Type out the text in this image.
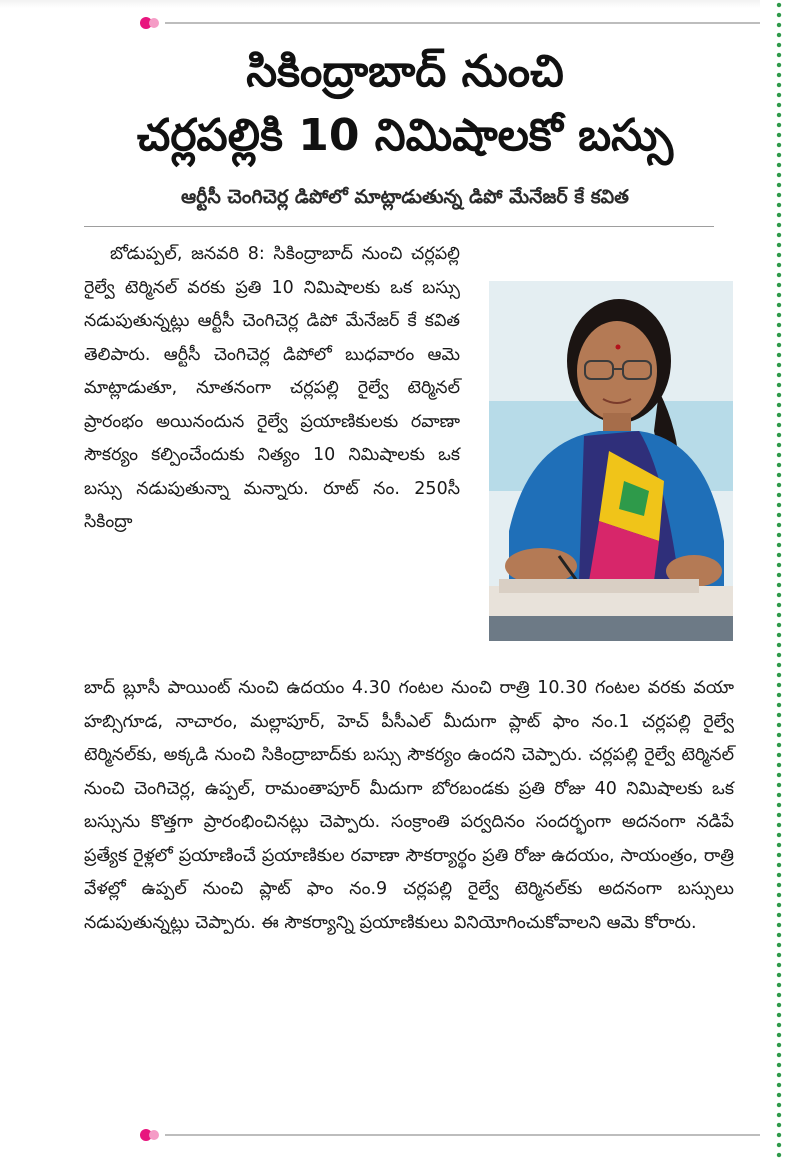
సికింద్రాబాద్ నుంచి
చర్లపల్లికి 10 నిమిషాలకో బస్సు
ఆర్టీసీ చెంగిచెర్ల డిపోలో మాట్లాడుతున్న డిపో మేనేజర్ కే కవిత

బోడుప్పల్, జనవరి 8: సికింద్రాబాద్ నుంచి చర్లపల్లి రైల్వే టెర్మినల్ వరకు ప్రతి 10 నిమిషాలకు ఒక బస్సు నడుపుతున్నట్లు ఆర్టీసీ చెంగిచెర్ల డిపో మేనేజర్ కే కవిత తెలిపారు. ఆర్టీసీ చెంగిచెర్ల డిపోలో బుధవారం ఆమె మాట్లాడుతూ, నూతనంగా చర్లపల్లి రైల్వే టెర్మినల్ ప్రారంభం అయినందున రైల్వే ప్రయాణికులకు రవాణా సౌకర్యం కల్పించేందుకు నిత్యం 10 నిమిషాలకు ఒక బస్సు నడుపుతున్నా మన్నారు. రూట్ నం. 250సీ సికింద్రా

బాద్ బ్లూసీ పాయింట్ నుంచి ఉదయం 4.30 గంటల నుంచి రాత్రి 10.30 గంటల వరకు వయా హబ్సిగూడ, నాచారం, మల్లాపూర్, హెచ్ పీసీఎల్ మీదుగా ప్లాట్ ఫాం నం.1 చర్లపల్లి రైల్వే టెర్మినల్‌కు, అక్కడి నుంచి సికింద్రాబాద్‌కు బస్సు సౌకర్యం ఉందని చెప్పారు. చర్లపల్లి రైల్వే టెర్మినల్ నుంచి చెంగిచెర్ల, ఉప్పల్, రామంతాపూర్ మీదుగా బోరబండకు ప్రతి రోజు 40 నిమిషాలకు ఒక బస్సును కొత్తగా ప్రారంభించినట్లు చెప్పారు. సంక్రాంతి పర్వదినం సందర్భంగా అదనంగా నడిపే ప్రత్యేక రైళ్లలో ప్రయాణించే ప్రయాణికుల రవాణా సౌకర్యార్థం ప్రతి రోజు ఉదయం, సాయంత్రం, రాత్రి వేళల్లో ఉప్పల్ నుంచి ప్లాట్ ఫాం నం.9 చర్లపల్లి రైల్వే టెర్మినల్‌కు అదనంగా బస్సులు నడుపుతున్నట్లు చెప్పారు. ఈ సౌకర్యాన్ని ప్రయాణికులు వినియోగించుకోవాలని ఆమె కోరారు.
